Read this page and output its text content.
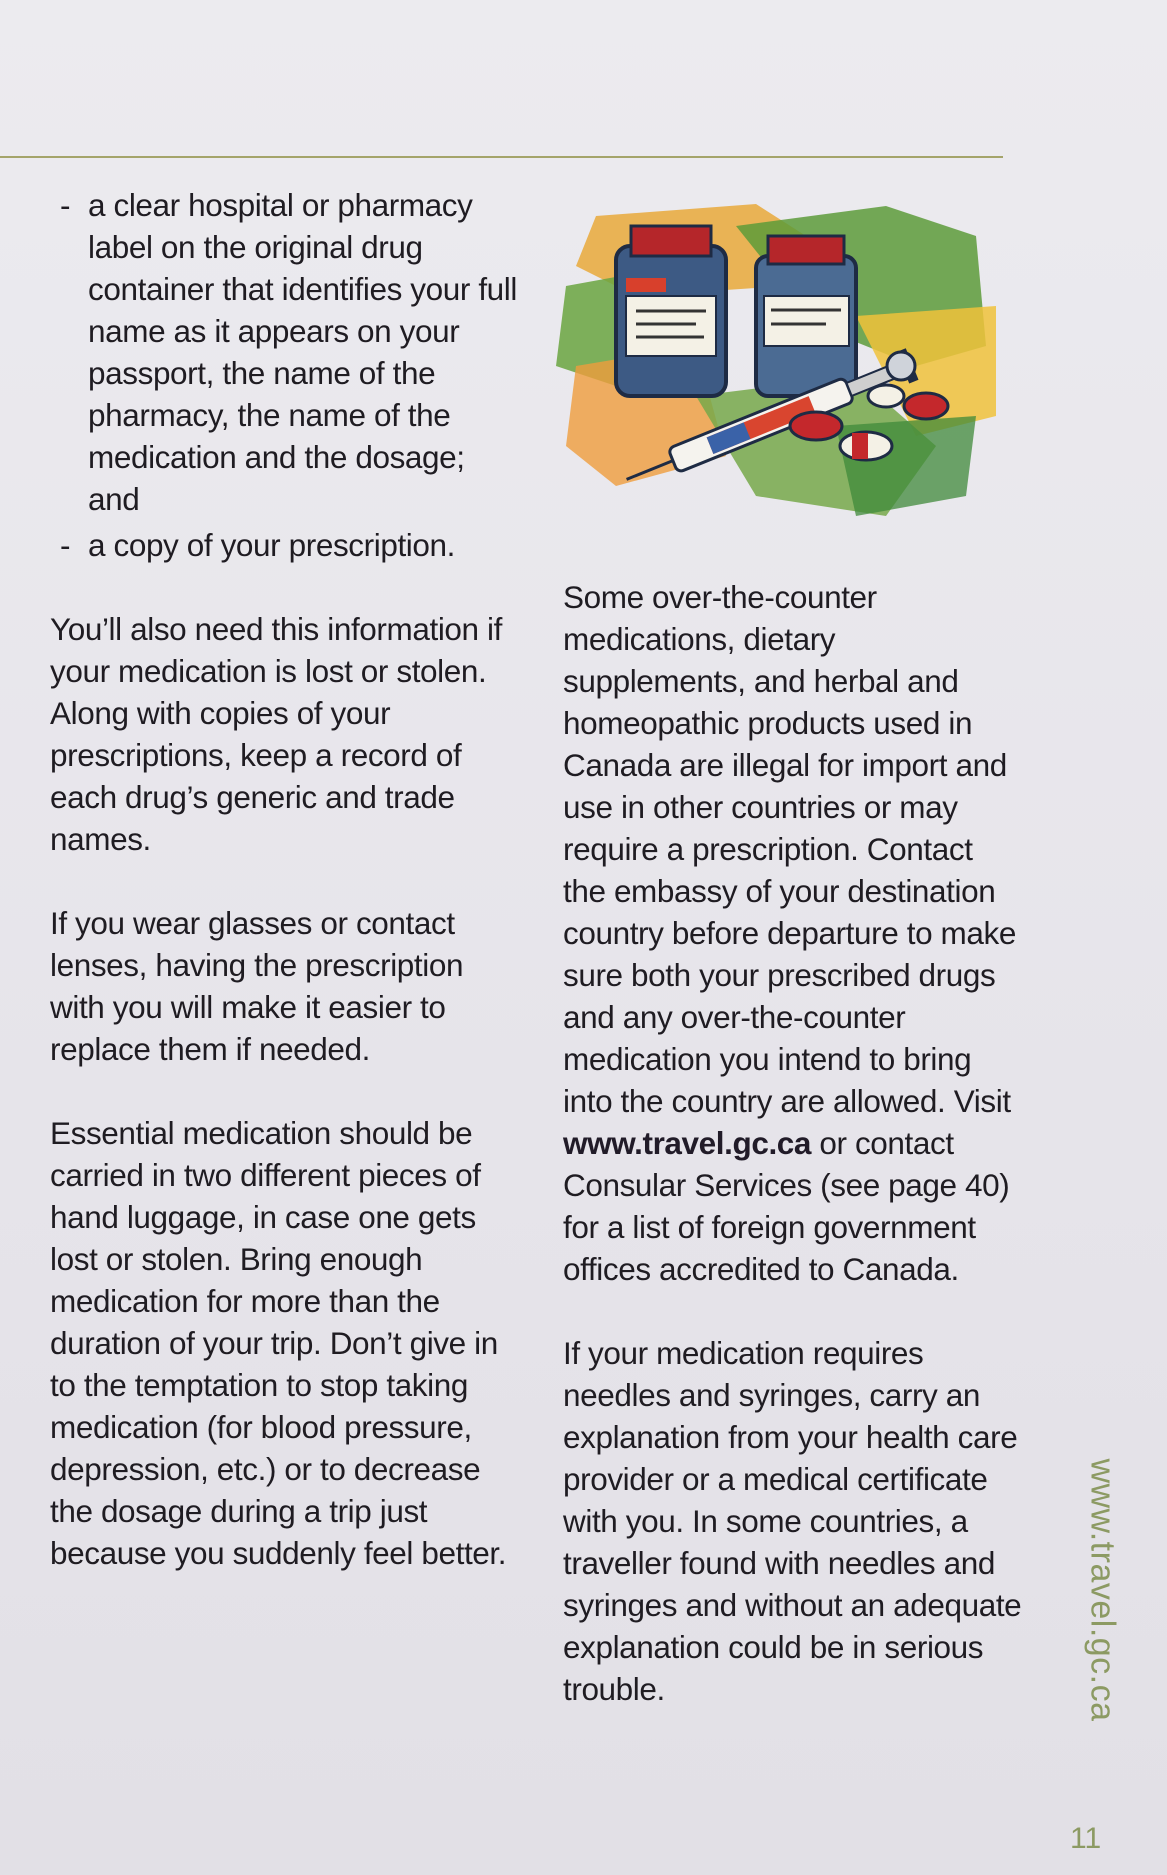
- a clear hospital or pharmacy label on the original drug container that identifies your full name as it appears on your passport, the name of the pharmacy, the name of the medication and the dosage; and
- a copy of your prescription.

You’ll also need this information if your medication is lost or stolen. Along with copies of your prescriptions, keep a record of each drug’s generic and trade names.

If you wear glasses or contact lenses, having the prescription with you will make it easier to replace them if needed.

Essential medication should be carried in two different pieces of hand luggage, in case one gets lost or stolen. Bring enough medication for more than the duration of your trip. Don’t give in to the temptation to stop taking medication (for blood pressure, depression, etc.) or to decrease the dosage during a trip just because you suddenly feel better.

Some over-the-counter medications, dietary supplements, and herbal and homeopathic products used in Canada are illegal for import and use in other countries or may require a prescription. Contact the embassy of your destination country before departure to make sure both your prescribed drugs and any over-the-counter medication you intend to bring into the country are allowed. Visit www.travel.gc.ca or contact Consular Services (see page 40) for a list of foreign government offices accredited to Canada.

If your medication requires needles and syringes, carry an explanation from your health care provider or a medical certificate with you. In some countries, a traveller found with needles and syringes and without an adequate explanation could be in serious trouble.	www.travel.gc.ca
11
